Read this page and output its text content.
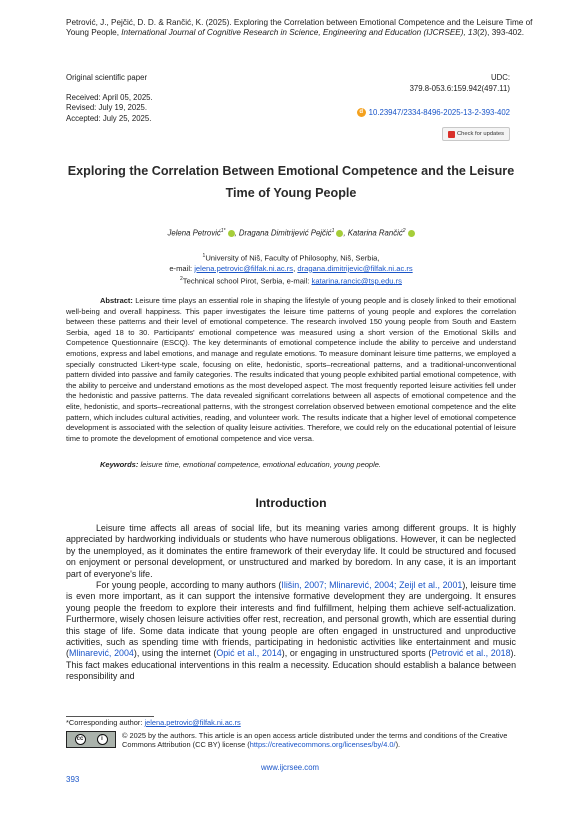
Petrović, J., Pejčić, D. D. & Rančić, K. (2025). Exploring the Correlation between Emotional Competence and the Leisure Time of Young People, International Journal of Cognitive Research in Science, Engineering and Education (IJCRSEE), 13(2), 393-402.
Original scientific paper
Received: April 05, 2025.
Revised: July 19, 2025.
Accepted: July 25, 2025.
UDC:
379.8-053.6:159.942(497.11)
d 10.23947/2334-8496-2025-13-2-393-402
Check for updates
Exploring the Correlation Between Emotional Competence and the Leisure Time of Young People
Jelena Petrović$^{1*}$ , Dragana Dimitrijević Pejčić$^1$ , Katarina Rančić$^2$
$^1$University of Niš, Faculty of Philosophy, Niš, Serbia,
e-mail: jelena.petrovic@filfak.ni.ac.rs, dragana.dimitrijevic@filfak.ni.ac.rs
$^2$Technical school Pirot, Serbia, e-mail: katarina.rancic@tsp.edu.rs

Abstract: Leisure time plays an essential role in shaping the lifestyle of young people and is closely linked to their emotional well-being and overall happiness. This paper investigates the leisure time patterns of young people and explores the correlation between these patterns and their level of emotional competence. The research involved 150 young people from South and Eastern Serbia, aged 18 to 30. Participants' emotional competence was measured using a short version of the Emotional Skills and Competence Questionnaire (ESCQ). The key determinants of emotional competence include the ability to perceive and understand emotions, express and label emotions, and manage and regulate emotions. To measure dominant leisure time patterns, we employed a specially constructed Likert-type scale, focusing on elite, hedonistic, sports–recreational patterns, and a traditional-unconventional pattern divided into passive and family categories. The results indicated that young people exhibited partial emotional competence, with the ability to perceive and understand emotions as the most developed aspect. The most frequently reported leisure activities fell under the hedonistic and passive patterns. The data revealed significant correlations between all aspects of emotional competence and the elite, hedonistic, and sports–recreational patterns, with the strongest correlation observed between emotional competence and the elite pattern, which includes cultural activities, reading, and volunteer work. The results indicate that a higher level of emotional competence development is associated with the selection of quality leisure activities. Therefore, we could rely on the educational potential of leisure time to promote the development of emotional competence and vice versa.

Keywords: leisure time, emotional competence, emotional education, young people.
Introduction

Leisure time affects all areas of social life, but its meaning varies among different groups. It is highly appreciated by hardworking individuals or students who have numerous obligations. However, it can be neglected by the unemployed, as it dominates the entire framework of their everyday life. It could be structured and focused on enjoyment or personal development, or unstructured and marked by boredom. In any case, it is an important part of everyone's life.

For young people, according to many authors (Ilišin, 2007; Mlinarević, 2004; Zeijl et al., 2001), leisure time is even more important, as it can support the intensive formative development they are undergoing. It ensures young people the freedom to explore their interests and find fulfillment, helping them achieve self-actualization. Furthermore, wisely chosen leisure activities offer rest, recreation, and personal growth, which are essential during this stage of life. Some data indicate that young people are often engaged in unstructured and unproductive activities, such as spending time with friends, participating in hedonistic activities like entertainment and music (Mlinarević, 2004), using the internet (Opić et al., 2014), or engaging in unstructured sports (Petrović et al., 2018). This fact makes educational interventions in this realm a necessity. Education should establish a balance between responsibility and

*Corresponding author: jelena.petrovic@filfak.ni.ac.rs
cc	i	© 2025 by the authors. This article is an open access article distributed under the terms and conditions of the Creative Commons Attribution (CC BY) license (https://creativecommons.org/licenses/by/4.0/).
www.ijcrsee.com
393
